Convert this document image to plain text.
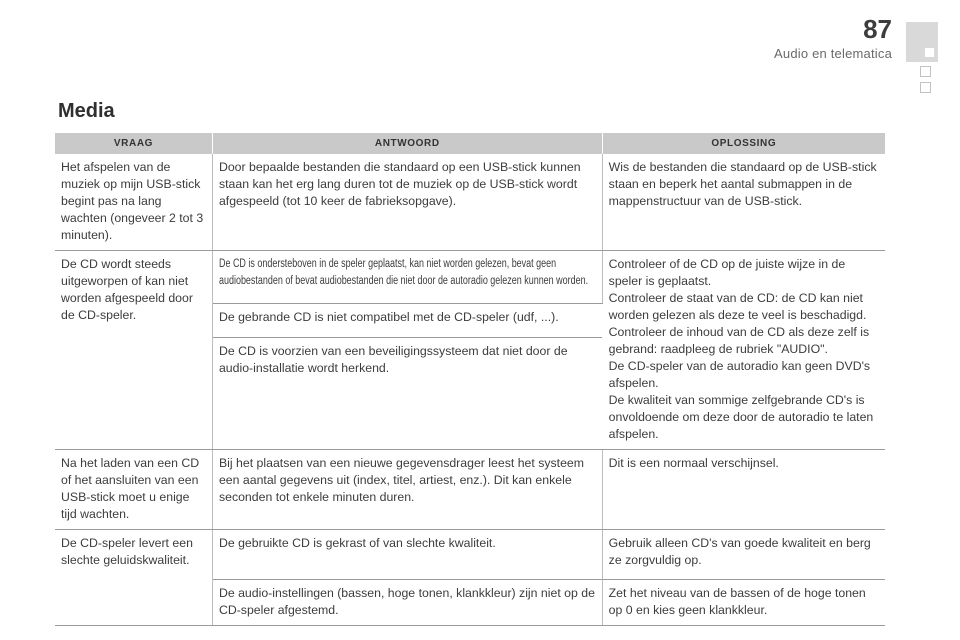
87
Audio en telematica
Media
VRAAG	ANTWOORD	OPLOSSING
Het afspelen van de muziek op mijn USB-stick begint pas na lang wachten (ongeveer 2 tot 3 minuten).	Door bepaalde bestanden die standaard op een USB-stick kunnen staan kan het erg lang duren tot de muziek op de USB-stick wordt afgespeeld (tot 10 keer de fabrieksopgave).	Wis de bestanden die standaard op de USB-stick staan en beperk het aantal submappen in de mappenstructuur van de USB-stick.
De CD wordt steeds uitgeworpen of kan niet worden afgespeeld door de CD-speler.	De CD is ondersteboven in de speler geplaatst, kan niet worden gelezen, bevat geen audiobestanden of bevat audiobestanden die niet door de autoradio gelezen kunnen worden.	Controleer of de CD op de juiste wijze in de speler is geplaatst.
Controleer de staat van de CD: de CD kan niet worden gelezen als deze te veel is beschadigd.
Controleer de inhoud van de CD als deze zelf is gebrand: raadpleeg de rubriek "AUDIO".
De CD-speler van de autoradio kan geen DVD's afspelen.
De kwaliteit van sommige zelfgebrande CD's is onvoldoende om deze door de autoradio te laten afspelen.
	De gebrande CD is niet compatibel met de CD-speler (udf, ...).	
	De CD is voorzien van een beveiligingssysteem dat niet door de audio-installatie wordt herkend.	
Na het laden van een CD of het aansluiten van een USB-stick moet u enige tijd wachten.	Bij het plaatsen van een nieuwe gegevensdrager leest het systeem een aantal gegevens uit (index, titel, artiest, enz.). Dit kan enkele seconden tot enkele minuten duren.	Dit is een normaal verschijnsel.
De CD-speler levert een slechte geluidskwaliteit.	De gebruikte CD is gekrast of van slechte kwaliteit.	Gebruik alleen CD's van goede kwaliteit en berg ze zorgvuldig op.
	De audio-instellingen (bassen, hoge tonen, klankkleur) zijn niet op de CD-speler afgestemd.	Zet het niveau van de bassen of de hoge tonen op 0 en kies geen klankkleur.
